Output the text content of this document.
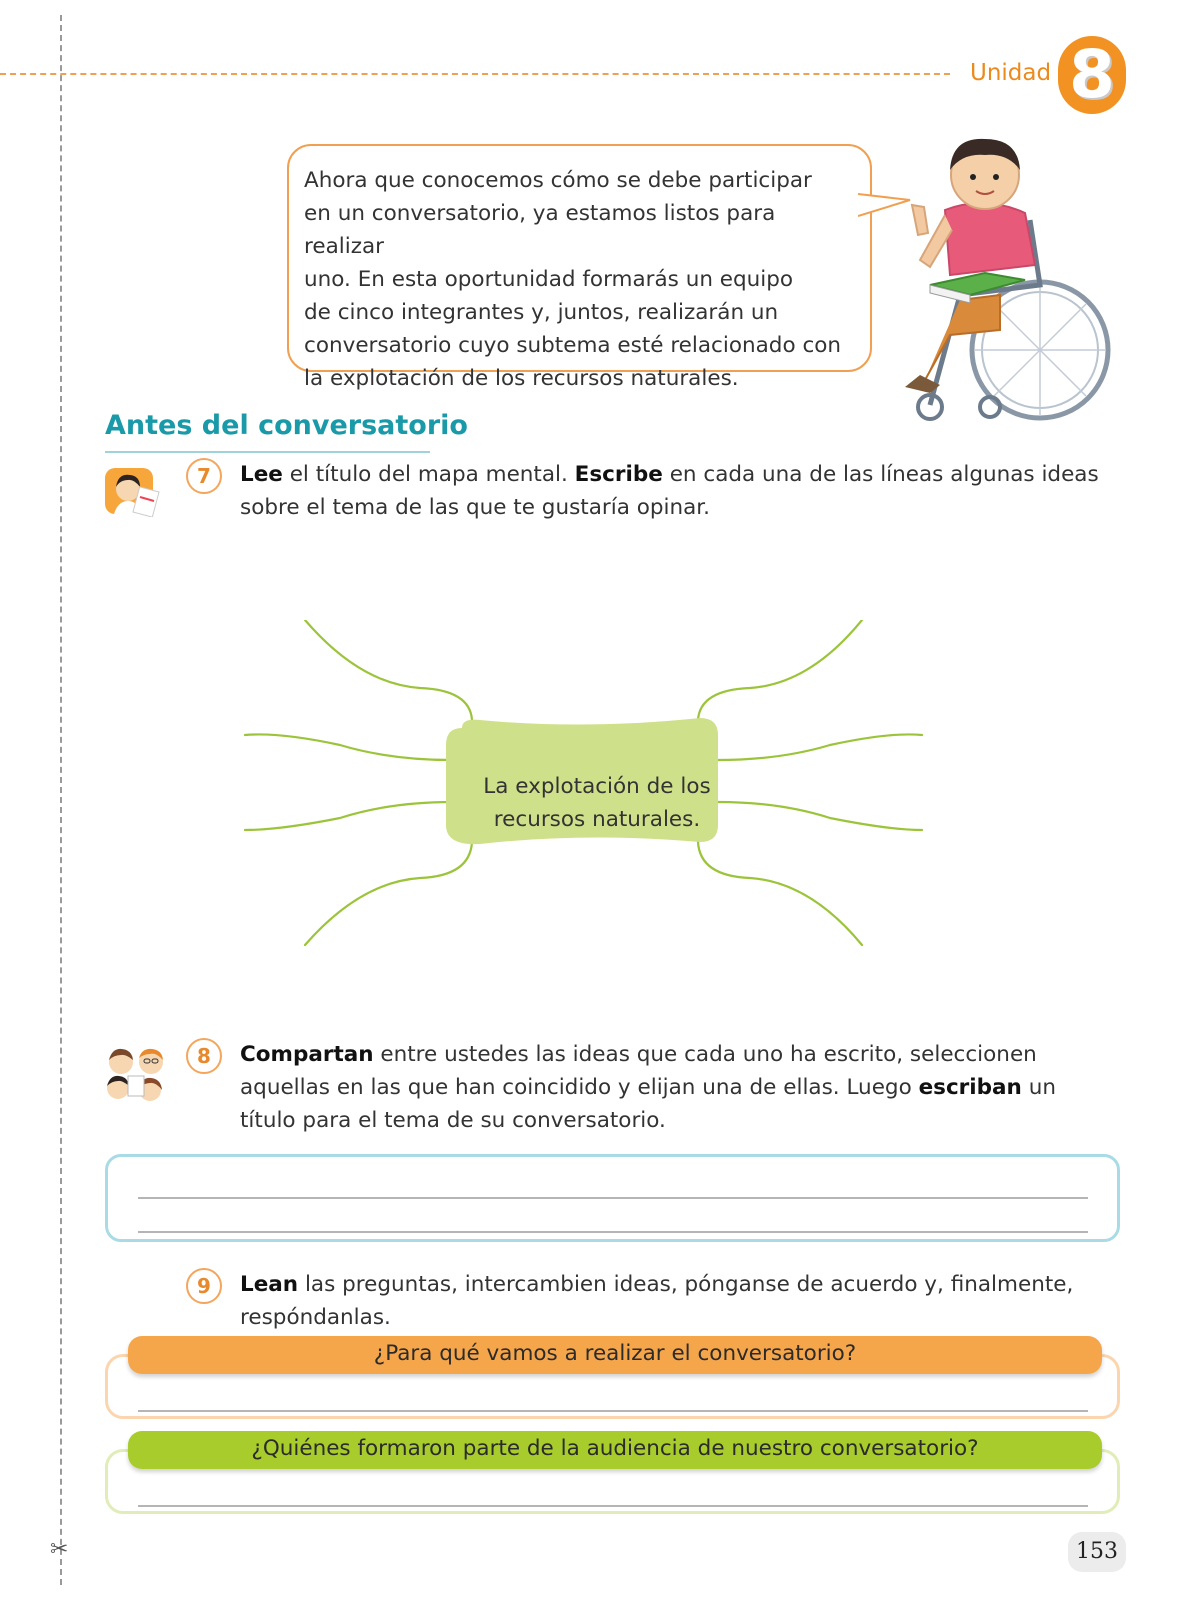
✂
Unidad 8
Ahora que conocemos cómo se debe participar
en un conversatorio, ya estamos listos para realizar
uno. En esta oportunidad formarás un equipo
de cinco integrantes y, juntos, realizarán un
conversatorio cuyo subtema esté relacionado con
la explotación de los recursos naturales.
Antes del conversatorio
7	Lee el título del mapa mental. Escribe en cada una de las líneas algunas ideas
sobre el tema de las que te gustaría opinar.
La explotación de los
recursos naturales.
8	Compartan entre ustedes las ideas que cada uno ha escrito, seleccionen
aquellas en las que han coincidido y elijan una de ellas. Luego escriban un
título para el tema de su conversatorio.
9	Lean las preguntas, intercambien ideas, pónganse de acuerdo y, finalmente,
respóndanlas.
¿Para qué vamos a realizar el conversatorio?
¿Quiénes formaron parte de la audiencia de nuestro conversatorio?
153
